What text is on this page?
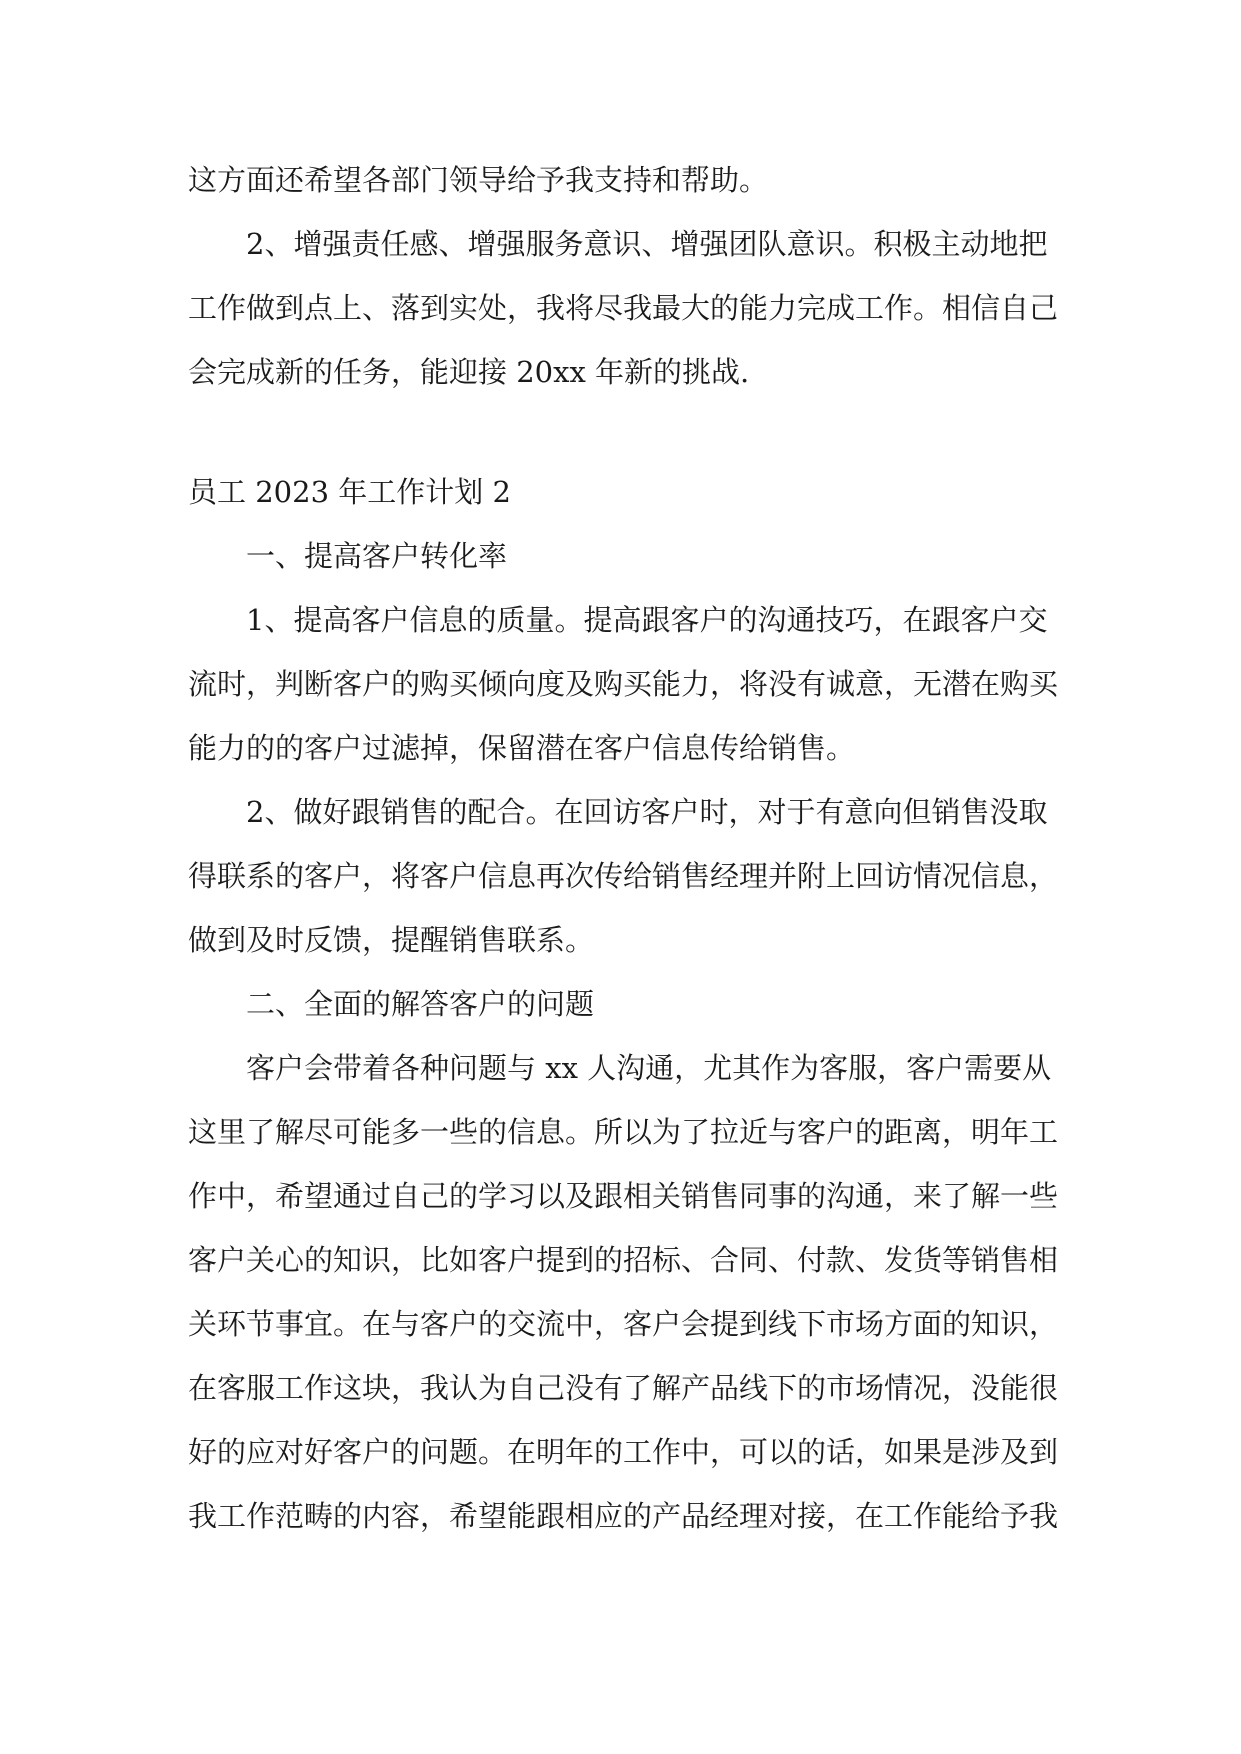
这方面还希望各部门领导给予我支持和帮助。
2、增强责任感、增强服务意识、增强团队意识。积极主动地把
工作做到点上、落到实处，我将尽我最大的能力完成工作。相信自己
会完成新的任务，能迎接 20xx 年新的挑战.
员工 2023 年工作计划 2
一、提高客户转化率
1、提高客户信息的质量。提高跟客户的沟通技巧，在跟客户交
流时，判断客户的购买倾向度及购买能力，将没有诚意，无潜在购买
能力的的客户过滤掉，保留潜在客户信息传给销售。
2、做好跟销售的配合。在回访客户时，对于有意向但销售没取
得联系的客户，将客户信息再次传给销售经理并附上回访情况信息，
做到及时反馈，提醒销售联系。
二、全面的解答客户的问题
客户会带着各种问题与 xx 人沟通，尤其作为客服，客户需要从
这里了解尽可能多一些的信息。所以为了拉近与客户的距离，明年工
作中，希望通过自己的学习以及跟相关销售同事的沟通，来了解一些
客户关心的知识，比如客户提到的招标、合同、付款、发货等销售相
关环节事宜。在与客户的交流中，客户会提到线下市场方面的知识，
在客服工作这块，我认为自己没有了解产品线下的市场情况，没能很
好的应对好客户的问题。在明年的工作中，可以的话，如果是涉及到
我工作范畴的内容，希望能跟相应的产品经理对接，在工作能给予我
